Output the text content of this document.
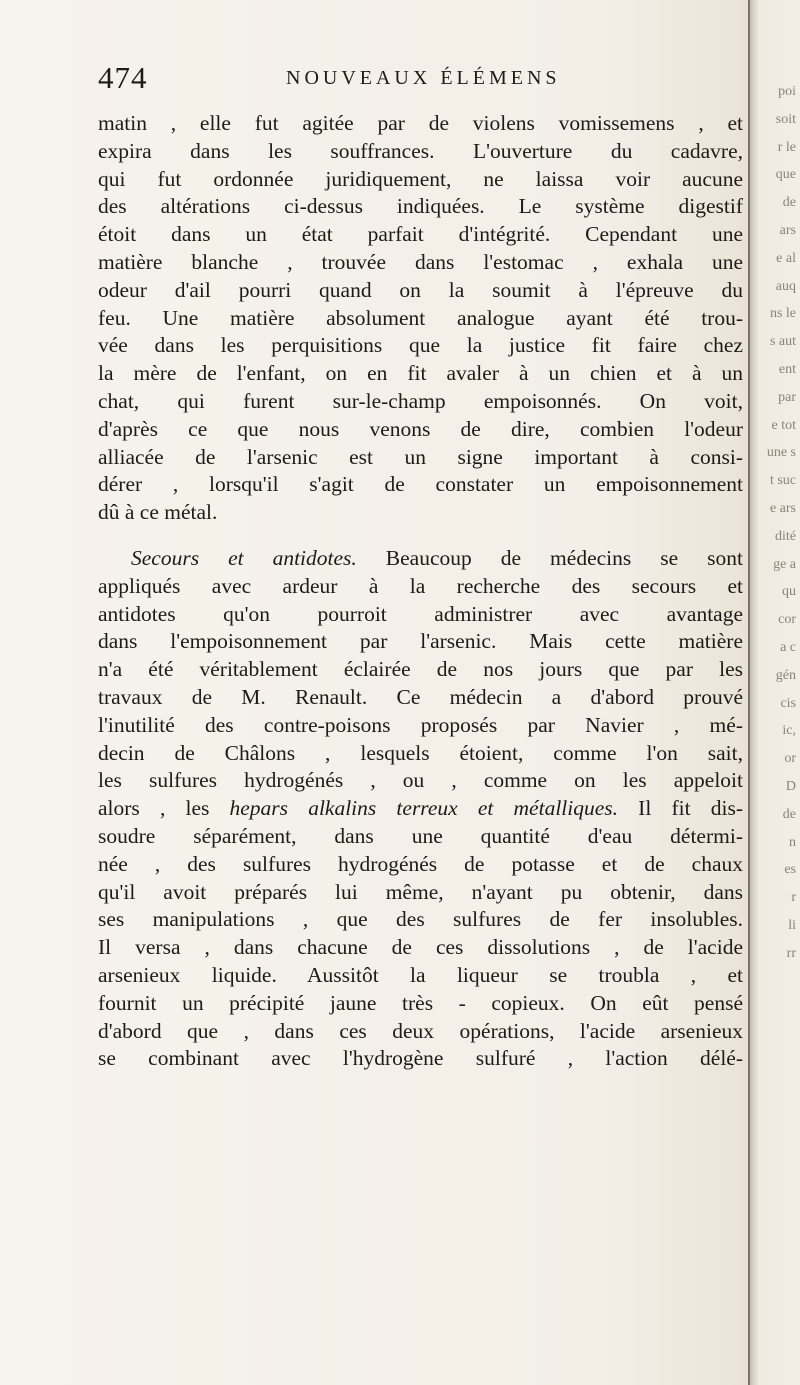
poi
soit
r le
que
de
ars
e al
auq
ns le
s aut
ent
par
e tot
une s
t suc
e ars
dité
ge a
qu
cor
a c
gén
cis
ic,
or
D
de
n
es
r
li
rr
474	NOUVEAUX ÉLÉMENS
matin , elle fut agitée par de violens vomissemens , et
expira dans les souffrances. L'ouverture du cadavre,
qui fut ordonnée juridiquement, ne laissa voir aucune
des altérations ci-dessus indiquées. Le système digestif
étoit dans un état parfait d'intégrité. Cependant une
matière blanche , trouvée dans l'estomac , exhala une
odeur d'ail pourri quand on la soumit à l'épreuve du
feu. Une matière absolument analogue ayant été trou-
vée dans les perquisitions que la justice fit faire chez
la mère de l'enfant, on en fit avaler à un chien et à un
chat, qui furent sur-le-champ empoisonnés. On voit,
d'après ce que nous venons de dire, combien l'odeur
alliacée de l'arsenic est un signe important à consi-
dérer , lorsqu'il s'agit de constater un empoisonnement
dû à ce métal.
Secours et antidotes. Beaucoup de médecins se sont
appliqués avec ardeur à la recherche des secours et
antidotes qu'on pourroit administrer avec avantage
dans l'empoisonnement par l'arsenic. Mais cette matière
n'a été véritablement éclairée de nos jours que par les
travaux de M. Renault. Ce médecin a d'abord prouvé
l'inutilité des contre-poisons proposés par Navier , mé-
decin de Châlons , lesquels étoient, comme l'on sait,
les sulfures hydrogénés , ou , comme on les appeloit
alors , les hepars alkalins terreux et métalliques. Il fit dis-
soudre séparément, dans une quantité d'eau détermi-
née , des sulfures hydrogénés de potasse et de chaux
qu'il avoit préparés lui même, n'ayant pu obtenir, dans
ses manipulations , que des sulfures de fer insolubles.
Il versa , dans chacune de ces dissolutions , de l'acide
arsenieux liquide. Aussitôt la liqueur se troubla , et
fournit un précipité jaune très - copieux. On eût pensé
d'abord que , dans ces deux opérations, l'acide arsenieux
se combinant avec l'hydrogène sulfuré , l'action délé-
